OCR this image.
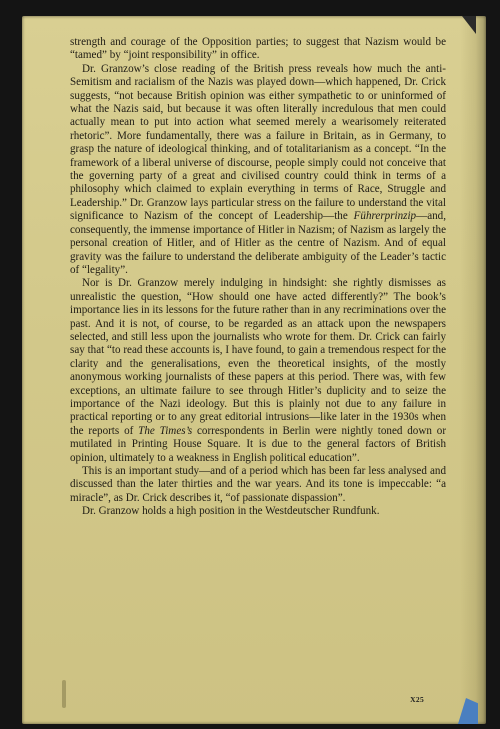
strength and courage of the Opposition parties; to suggest that Nazism would be “tamed” by “joint responsibility” in office.

Dr. Granzow’s close reading of the British press reveals how much the anti-Semitism and racialism of the Nazis was played down—which happened, Dr. Crick suggests, “not because British opinion was either sympathetic to or uninformed of what the Nazis said, but because it was often literally incredulous that men could actually mean to put into action what seemed merely a wearisomely reiterated rhetoric”. More fundamentally, there was a failure in Britain, as in Germany, to grasp the nature of ideological thinking, and of totalitarianism as a concept. “In the framework of a liberal universe of discourse, people simply could not conceive that the governing party of a great and civilised country could think in terms of a philosophy which claimed to explain everything in terms of Race, Struggle and Leadership.” Dr. Granzow lays particular stress on the failure to understand the vital significance to Nazism of the concept of Leadership—the Führerprinzip—and, consequently, the immense importance of Hitler in Nazism; of Nazism as largely the personal creation of Hitler, and of Hitler as the centre of Nazism. And of equal gravity was the failure to understand the deliberate ambiguity of the Leader’s tactic of “legality”.

Nor is Dr. Granzow merely indulging in hindsight: she rightly dismisses as unrealistic the question, “How should one have acted differently?” The book’s importance lies in its lessons for the future rather than in any recriminations over the past. And it is not, of course, to be regarded as an attack upon the newspapers selected, and still less upon the journalists who wrote for them. Dr. Crick can fairly say that “to read these accounts is, I have found, to gain a tremendous respect for the clarity and the generalisations, even the theoretical insights, of the mostly anonymous working journalists of these papers at this period. There was, with few exceptions, an ultimate failure to see through Hitler’s duplicity and to seize the importance of the Nazi ideology. But this is plainly not due to any failure in practical reporting or to any great editorial intrusions—like later in the 1930s when the reports of The Times’s correspondents in Berlin were nightly toned down or mutilated in Printing House Square. It is due to the general factors of British opinion, ultimately to a weakness in English political education”.

This is an important study—and of a period which has been far less analysed and discussed than the later thirties and the war years. And its tone is impeccable: “a miracle”, as Dr. Crick describes it, “of passionate dispassion”.

Dr. Granzow holds a high position in the Westdeutscher Rundfunk.

X25
